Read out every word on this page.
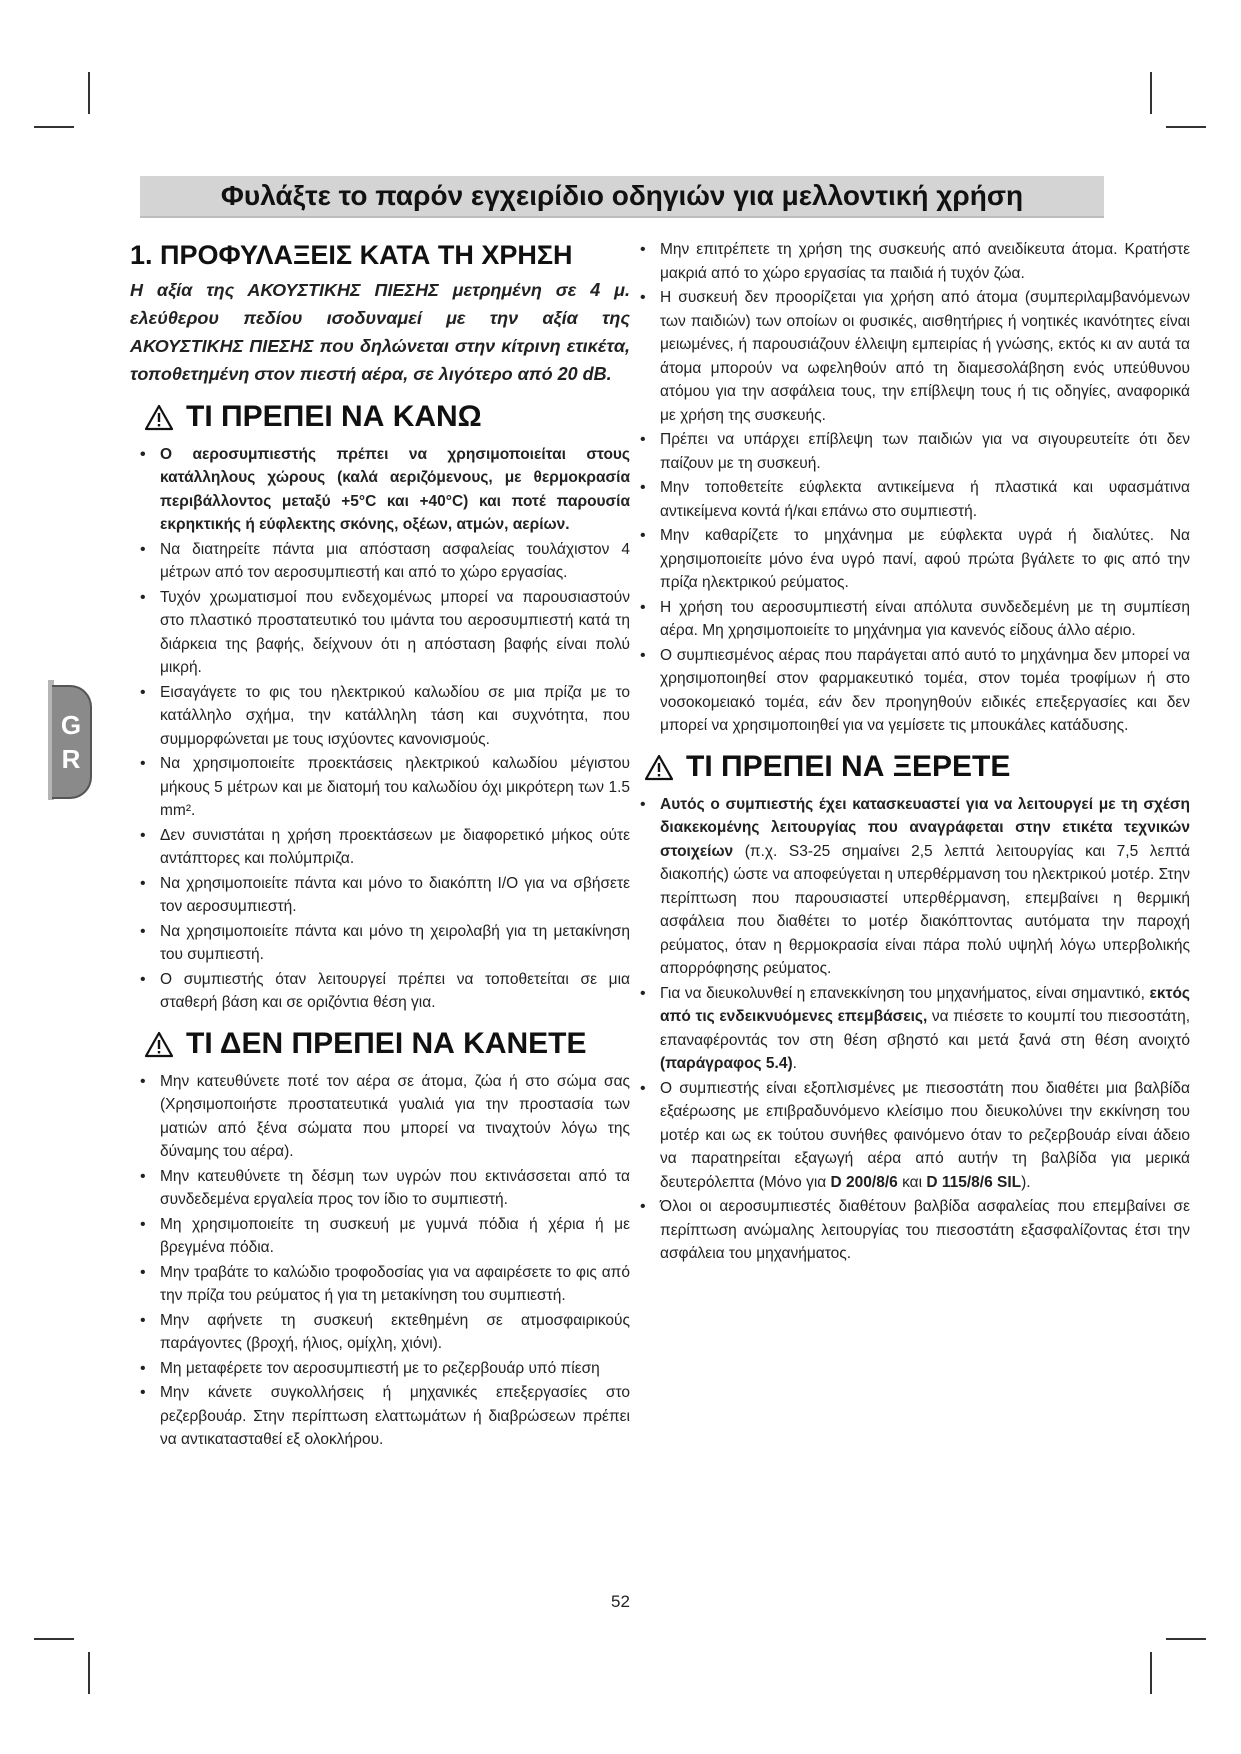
Φυλάξτε το παρόν εγχειρίδιο οδηγιών για μελλοντική χρήση
G
R
1. ΠΡΟΦΥΛΑΞΕΙΣ ΚΑΤΑ ΤΗ ΧΡΗΣΗ
Η αξία της ΑΚΟΥΣΤΙΚΗΣ ΠΙΕΣΗΣ μετρημένη σε 4 μ. ελεύθερου πεδίου ισοδυναμεί με την αξία της ΑΚΟΥΣΤΙΚΗΣ ΠΙΕΣΗΣ που δηλώνεται στην κίτρινη ετικέτα, τοποθετημένη στον πιεστή αέρα, σε λιγότερο από 20 dB.
ΤΙ ΠΡΕΠΕΙ ΝΑ ΚΑΝΩ
• Ο αεροσυμπιεστής πρέπει να χρησιμοποιείται στους κατάλληλους χώρους (καλά αεριζόμενους, με θερμοκρασία περιβάλλοντος μεταξύ +5°C και +40°C) και ποτέ παρουσία εκρηκτικής ή εύφλεκτης σκόνης, οξέων, ατμών, αερίων.
• Να διατηρείτε πάντα μια απόσταση ασφαλείας τουλάχιστον 4 μέτρων από τον αεροσυμπιεστή και από το χώρο εργασίας.
• Τυχόν χρωματισμοί που ενδεχομένως μπορεί να παρουσιαστούν στο πλαστικό προστατευτικό του ιμάντα του αεροσυμπιεστή κατά τη διάρκεια της βαφής, δείχνουν ότι η απόσταση βαφής είναι πολύ μικρή.
• Εισαγάγετε το φις του ηλεκτρικού καλωδίου σε μια πρίζα με το κατάλληλο σχήμα, την κατάλληλη τάση και συχνότητα, που συμμορφώνεται με τους ισχύοντες κανονισμούς.
• Να χρησιμοποιείτε προεκτάσεις ηλεκτρικού καλωδίου μέγιστου μήκους 5 μέτρων και με διατομή του καλωδίου όχι μικρότερη των 1.5 mm².
• Δεν συνιστάται η χρήση προεκτάσεων με διαφορετικό μήκος ούτε αντάπτορες και πολύμπριζα.
• Να χρησιμοποιείτε πάντα και μόνο το διακόπτη I/O για να σβήσετε τον αεροσυμπιεστή.
• Να χρησιμοποιείτε πάντα και μόνο τη χειρολαβή για τη μετακίνηση του συμπιεστή.
• Ο συμπιεστής όταν λειτουργεί πρέπει να τοποθετείται σε μια σταθερή βάση και σε οριζόντια θέση για.
ΤΙ ΔΕΝ ΠΡΕΠΕΙ ΝΑ ΚΑΝΕΤΕ
• Μην κατευθύνετε ποτέ τον αέρα σε άτομα, ζώα ή στο σώμα σας (Χρησιμοποιήστε προστατευτικά γυαλιά για την προστασία των ματιών από ξένα σώματα που μπορεί να τιναχτούν λόγω της δύναμης του αέρα).
• Μην κατευθύνετε τη δέσμη των υγρών που εκτινάσσεται από τα συνδεδεμένα εργαλεία προς τον ίδιο το συμπιεστή.
• Μη χρησιμοποιείτε τη συσκευή με γυμνά πόδια ή χέρια ή με βρεγμένα πόδια.
• Μην τραβάτε το καλώδιο τροφοδοσίας για να αφαιρέσετε το φις από την πρίζα του ρεύματος ή για τη μετακίνηση του συμπιεστή.
• Μην αφήνετε τη συσκευή εκτεθημένη σε ατμοσφαιρικούς παράγοντες (βροχή, ήλιος, ομίχλη, χιόνι).
• Μη μεταφέρετε τον αεροσυμπιεστή με το ρεζερβουάρ υπό πίεση
• Μην κάνετε συγκολλήσεις ή μηχανικές επεξεργασίες στο ρεζερβουάρ. Στην περίπτωση ελαττωμάτων ή διαβρώσεων πρέπει να αντικατασταθεί εξ ολοκλήρου.
• Μην επιτρέπετε τη χρήση της συσκευής από ανειδίκευτα άτομα. Κρατήστε μακριά από το χώρο εργασίας τα παιδιά ή τυχόν ζώα.
• Η συσκευή δεν προορίζεται για χρήση από άτομα (συμπεριλαμβανόμενων των παιδιών) των οποίων οι φυσικές, αισθητήριες ή νοητικές ικανότητες είναι μειωμένες, ή παρουσιάζουν έλλειψη εμπειρίας ή γνώσης, εκτός κι αν αυτά τα άτομα μπορούν να ωφεληθούν από τη διαμεσολάβηση ενός υπεύθυνου ατόμου για την ασφάλεια τους, την επίβλεψη τους ή τις οδηγίες, αναφορικά με χρήση της συσκευής.
• Πρέπει να υπάρχει επίβλεψη των παιδιών για να σιγουρευτείτε ότι δεν παίζουν με τη συσκευή.
• Μην τοποθετείτε εύφλεκτα αντικείμενα ή πλαστικά και υφασμάτινα αντικείμενα κοντά ή/και επάνω στο συμπιεστή.
• Μην καθαρίζετε το μηχάνημα με εύφλεκτα υγρά ή διαλύτες. Να χρησιμοποιείτε μόνο ένα υγρό πανί, αφού πρώτα βγάλετε το φις από την πρίζα ηλεκτρικού ρεύματος.
• Η χρήση του αεροσυμπιεστή είναι απόλυτα συνδεδεμένη με τη συμπίεση αέρα. Μη χρησιμοποιείτε το μηχάνημα για κανενός είδους άλλο αέριο.
• Ο συμπιεσμένος αέρας που παράγεται από αυτό το μηχάνημα δεν μπορεί να χρησιμοποιηθεί στον φαρμακευτικό τομέα, στον τομέα τροφίμων ή στο νοσοκομειακό τομέα, εάν δεν προηγηθούν ειδικές επεξεργασίες και δεν μπορεί να χρησιμοποιηθεί για να γεμίσετε τις μπουκάλες κατάδυσης.
ΤΙ ΠΡΕΠΕΙ ΝΑ ΞΕΡΕΤΕ
• Αυτός ο συμπιεστής έχει κατασκευαστεί για να λειτουργεί με τη σχέση διακεκομένης λειτουργίας που αναγράφεται στην ετικέτα τεχνικών στοιχείων (π.χ. S3-25 σημαίνει 2,5 λεπτά λειτουργίας και 7,5 λεπτά διακοπής) ώστε να αποφεύγεται η υπερθέρμανση του ηλεκτρικού μοτέρ. Στην περίπτωση που παρουσιαστεί υπερθέρμανση, επεμβαίνει η θερμική ασφάλεια που διαθέτει το μοτέρ διακόπτοντας αυτόματα την παροχή ρεύματος, όταν η θερμοκρασία είναι πάρα πολύ υψηλή λόγω υπερβολικής απορρόφησης ρεύματος.
• Για να διευκολυνθεί η επανεκκίνηση του μηχανήματος, είναι σημαντικό, εκτός από τις ενδεικνυόμενες επεμβάσεις, να πιέσετε το κουμπί του πιεσοστάτη, επαναφέροντάς τον στη θέση σβηστό και μετά ξανά στη θέση ανοιχτό (παράγραφος 5.4).
• Ο συμπιεστής είναι εξοπλισμένες με πιεσοστάτη που διαθέτει μια βαλβίδα εξαέρωσης με επιβραδυνόμενο κλείσιμο που διευκολύνει την εκκίνηση του μοτέρ και ως εκ τούτου συνήθες φαινόμενο όταν το ρεζερβουάρ είναι άδειο να παρατηρείται εξαγωγή αέρα από αυτήν τη βαλβίδα για μερικά δευτερόλεπτα (Μόνο για D 200/8/6 και D 115/8/6 SIL).
• Όλοι οι αεροσυμπιεστές διαθέτουν βαλβίδα ασφαλείας που επεμβαίνει σε περίπτωση ανώμαλης λειτουργίας του πιεσοστάτη εξασφαλίζοντας έτσι την ασφάλεια του μηχανήματος.
52
